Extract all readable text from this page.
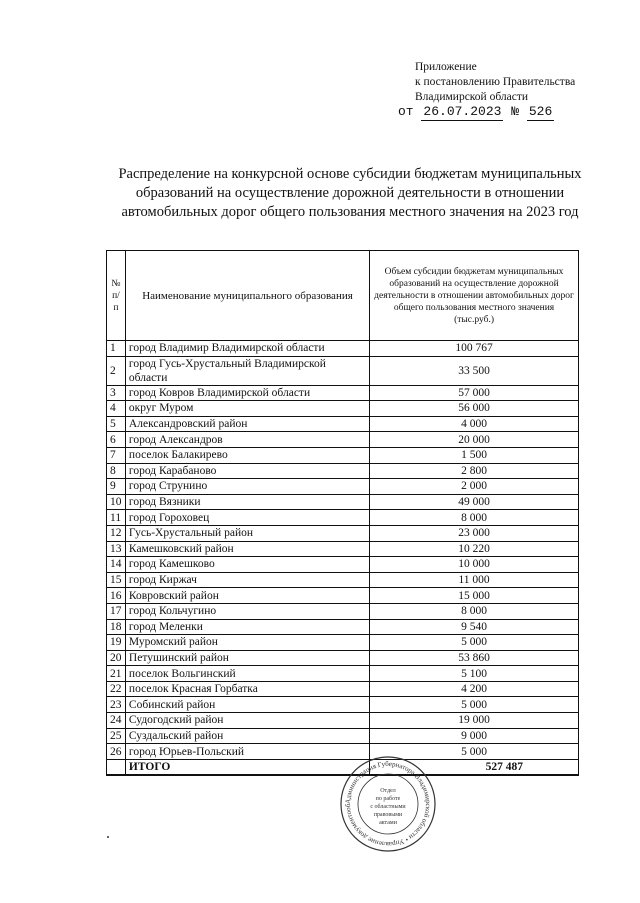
Приложение
к постановлению Правительства
Владимирской области
от 26.07.2023 № 526
Распределение на конкурсной основе субсидии бюджетам муниципальных
образований на осуществление дорожной деятельности в отношении
автомобильных дорог общего пользования местного значения на 2023 год
№ п/п	Наименование муниципального образования	Объем субсидии бюджетам муниципальных образований на осуществление дорожной деятельности в отношении автомобильных дорог общего пользования местного значения (тыс.руб.)
1	город Владимир Владимирской области	100 767
2	город Гусь-Хрустальный Владимирской области	33 500
3	город Ковров Владимирской области	57 000
4	округ Муром	56 000
5	Александровский район	4 000
6	город Александров	20 000
7	поселок Балакирево	1 500
8	город Карабаново	2 800
9	город Струнино	2 000
10	город Вязники	49 000
11	город Гороховец	8 000
12	Гусь-Хрустальный район	23 000
13	Камешковский район	10 220
14	город Камешково	10 000
15	город Киржач	11 000
16	Ковровский район	15 000
17	город Кольчугино	8 000
18	город Меленки	9 540
19	Муромский район	5 000
20	Петушинский район	53 860
21	поселок Вольгинский	5 100
22	поселок Красная Горбатка	4 200
23	Собинский район	5 000
24	Судогодский район	19 000
25	Суздальский район	9 000
26	город Юрьев-Польский	5 000
	ИТОГО	527 487
Администрация Губернатора Владимирской области • Управление документооб
Отдел
по работе
с областными
правовыми
актами
